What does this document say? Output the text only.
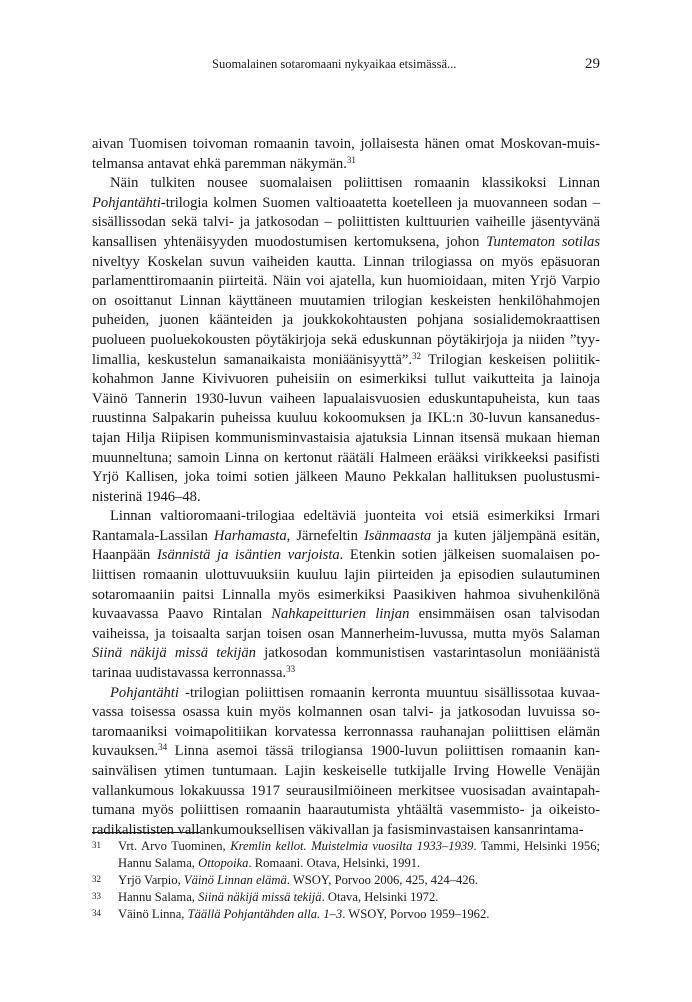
Suomalainen sotaromaani nykyaikaa etsimässä...	29

aivan Tuomisen toivoman romaanin tavoin, jollaisesta hänen omat Moskovan-muistelmansa antavat ehkä paremman näkymän.$^{31}$

Näin tulkiten nousee suomalaisen poliittisen romaanin klassikoksi Linnan Pohjantähti-trilogia kolmen Suomen valtioaatetta koetelleen ja muovanneen sodan – sisällissodan sekä talvi- ja jatkosodan – poliittisten kulttuurien vaiheille jäsentyvänä kansallisen yhtenäisyyden muodostumisen kertomuksena, johon Tuntematon sotilas niveltyy Koskelan suvun vaiheiden kautta. Linnan trilogiassa on myös epäsuoran parlamenttiromaanin piirteitä. Näin voi ajatella, kun huomioidaan, miten Yrjö Varpio on osoittanut Linnan käyttäneen muutamien trilogian keskeisten henkilöhahmojen puheiden, juonen käänteiden ja joukkokohtausten pohjana sosialidemokraattisen puolueen puoluekokousten pöytäkirjoja sekä eduskunnan pöytäkirjoja ja niiden ”tyylimallia, keskustelun samanaikaista moniäänisyyttä”.$^{32}$ Trilogian keskeisen poliitikkohahmon Janne Kivivuoren puheisiin on esimerkiksi tullut vaikutteita ja lainoja Väinö Tannerin 1930-luvun vaiheen lapualaisvuosien eduskuntapuheista, kun taas ruustinna Salpakarin puheissa kuuluu kokoomuksen ja IKL:n 30-luvun kansanedustajan Hilja Riipisen kommunisminvastaisia ajatuksia Linnan itsensä mukaan hieman muunneltuna; samoin Linna on kertonut räätäli Halmeen erääksi virikkeeksi pasifisti Yrjö Kallisen, joka toimi sotien jälkeen Mauno Pekkalan hallituksen puolustusministerinä 1946–48.

Linnan valtioromaani-trilogiaa edeltäviä juonteita voi etsiä esimerkiksi Irmari Rantamala-Lassilan Harhamasta, Järnefeltin Isänmaasta ja kuten jäljempänä esitän, Haanpään Isännistä ja isäntien varjoista. Etenkin sotien jälkeisen suomalaisen poliittisen romaanin ulottuvuuksiin kuuluu lajin piirteiden ja episodien sulautuminen sotaromaaniin paitsi Linnalla myös esimerkiksi Paasikiven hahmoa sivuhenkilönä kuvaavassa Paavo Rintalan Nahkapeitturien linjan ensimmäisen osan talvisodan vaiheissa, ja toisaalta sarjan toisen osan Mannerheim-luvussa, mutta myös Salaman Siinä näkijä missä tekijän jatkosodan kommunistisen vastarintasolun moniäänistä tarinaa uudistavassa kerronnassa.$^{33}$

Pohjantähti -trilogian poliittisen romaanin kerronta muuntuu sisällissotaa kuvaavassa toisessa osassa kuin myös kolmannen osan talvi- ja jatkosodan luvuissa sotaromaaniksi voimapolitiikan korvatessa kerronnassa rauhanajan poliittisen elämän kuvauksen.$^{34}$ Linna asemoi tässä trilogiansa 1900-luvun poliittisen romaanin kansainvälisen ytimen tuntumaan. Lajin keskeiselle tutkijalle Irving Howelle Venäjän vallankumous lokakuussa 1917 seurausilmiöineen merkitsee vuosisadan avaintapahtumana myös poliittisen romaanin haarautumista yhtäältä vasemmisto- ja oikeistoradikalististen vallankumouksellisen väkivallan ja fasisminvastaisen kansanrintama-

31 Vrt. Arvo Tuominen, Kremlin kellot. Muistelmia vuosilta 1933–1939. Tammi, Helsinki 1956; Hannu Salama, Ottopoika. Romaani. Otava, Helsinki, 1991.
32 Yrjö Varpio, Väinö Linnan elämä. WSOY, Porvoo 2006, 425, 424–426.
33 Hannu Salama, Siinä näkijä missä tekijä. Otava, Helsinki 1972.
34 Väinö Linna, Täällä Pohjantähden alla. 1–3. WSOY, Porvoo 1959–1962.
